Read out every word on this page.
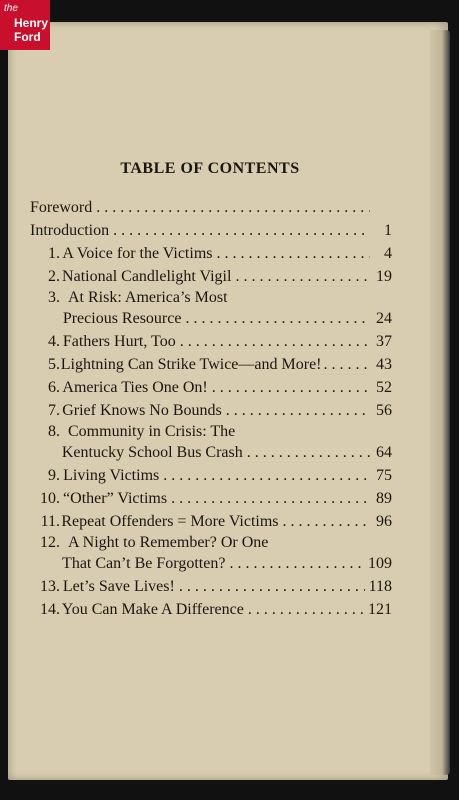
the
Henry
Ford
TABLE OF CONTENTS
Foreword
. . .
Introduction . . .	1
1. A Voice for the Victims . . .	4
2. National Candlelight Vigil . . .	19
3. At Risk: America’s Most
Precious Resource . . .	24
4. Fathers Hurt, Too . . .	37
5. Lightning Can Strike Twice—and More! . . .	43
6. America Ties One On! . . .	52
7. Grief Knows No Bounds . . .	56
8. Community in Crisis: The
Kentucky School Bus Crash . . .	64
9. Living Victims . . .	75
10. “Other” Victims . . .	89
11. Repeat Offenders = More Victims . . .	96
12. A Night to Remember? Or One
That Can’t Be Forgotten? . . .	109
13. Let’s Save Lives! . . .	118
14. You Can Make A Difference . . .	121
